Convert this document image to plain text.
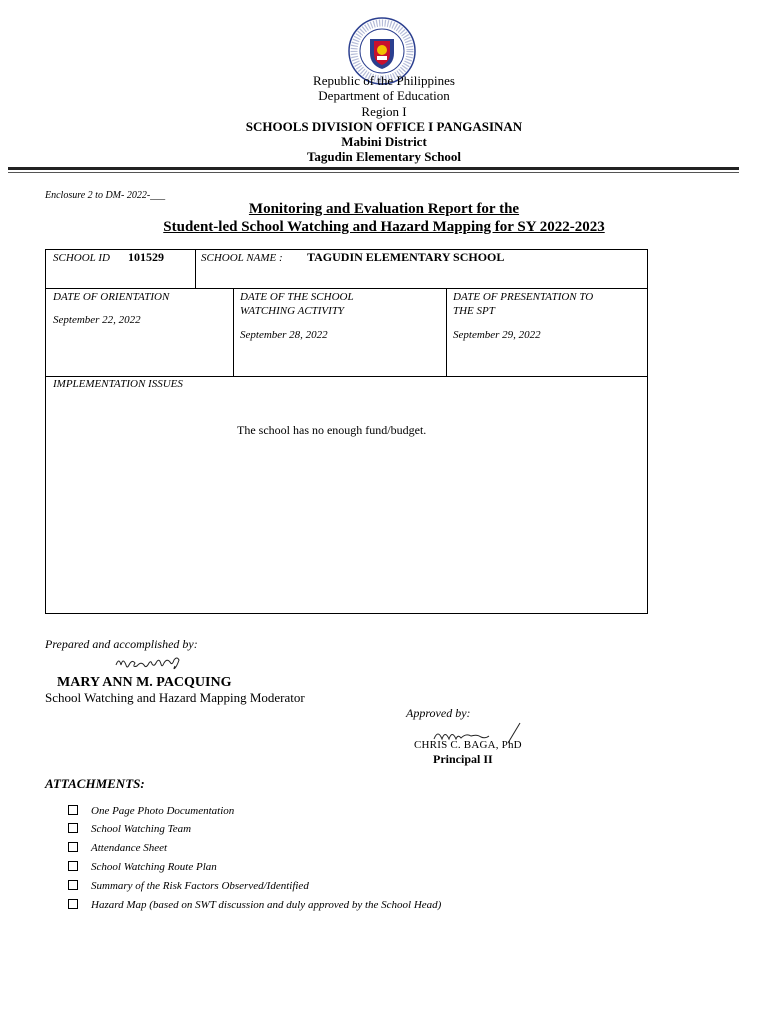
Republic of the Philippines
Department of Education
Region I
SCHOOLS DIVISION OFFICE I PANGASINAN
Mabini District
Tagudin Elementary School
Enclosure 2 to DM- 2022-___
Monitoring and Evaluation Report for the
Student-led School Watching and Hazard Mapping for SY 2022-2023
SCHOOL ID 101529	SCHOOL NAME : TAGUDIN ELEMENTARY SCHOOL
DATE OF ORIENTATION
September 22, 2022
DATE OF THE SCHOOL
WATCHING ACTIVITY
September 28, 2022
DATE OF PRESENTATION TO
THE SPT
September 29, 2022
IMPLEMENTATION ISSUES
The school has no enough fund/budget.
Prepared and accomplished by:
MARY ANN M. PACQUING
School Watching and Hazard Mapping Moderator
Approved by:
CHRIS C. BAGA, PhD
Principal II
ATTACHMENTS:
One Page Photo Documentation
School Watching Team
Attendance Sheet
School Watching Route Plan
Summary of the Risk Factors Observed/Identified
Hazard Map (based on SWT discussion and duly approved by the School Head)
